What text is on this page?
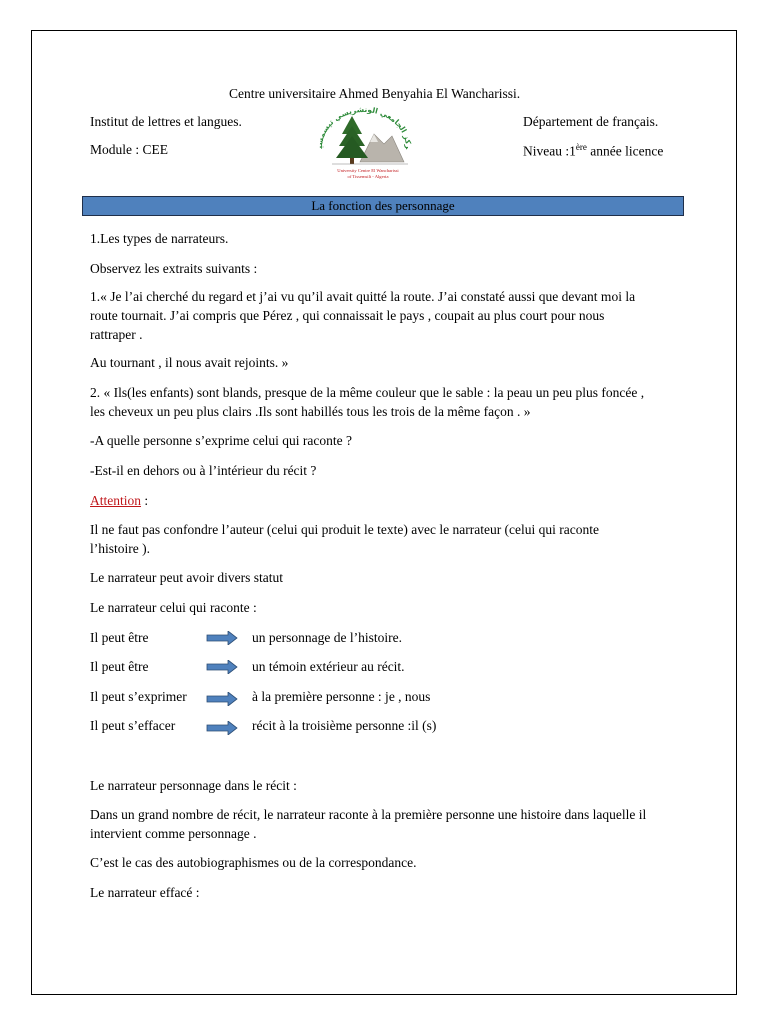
Centre universitaire Ahmed Benyahia El Wancharissi.
Institut de lettres et langues.	Département de français.
Module : CEE	Niveau :1ère année licence
ركز الجامعي الونشريسي تيسمسي
University Centre El Wancharissi
of Tissemsilt - Algeria
La fonction des personnage
1.Les types de narrateurs.
Observez les extraits suivants :
1.« Je l’ai cherché du regard et j’ai vu qu’il avait quitté la route. J’ai constaté aussi que devant moi la
route tournait. J’ai compris que Pérez , qui connaissait le pays , coupait au plus court pour nous
rattraper .
Au tournant , il nous avait rejoints. »
2. « Ils(les enfants) sont blands, presque de la même couleur que le sable : la peau un peu plus foncée ,
les cheveux un peu plus clairs .Ils sont habillés tous les trois de la même façon . »
-A quelle personne s’exprime celui qui raconte ?
-Est-il en dehors ou à l’intérieur du récit ?
Attention :
Il ne faut pas confondre l’auteur (celui qui produit le texte) avec le narrateur (celui qui raconte
l’histoire ).
Le narrateur peut avoir divers statut
Le narrateur celui qui raconte :
Il peut être	un personnage de l’histoire.
Il peut être	un témoin extérieur au récit.
Il peut s’exprimer	à la première personne : je , nous
Il peut s’effacer	récit à la troisième personne :il (s)
Le narrateur personnage dans le récit :
Dans un grand nombre de récit, le narrateur raconte à la première personne une histoire dans laquelle il
intervient comme personnage .
C’est le cas des autobiographismes ou de la correspondance.
Le narrateur effacé :
